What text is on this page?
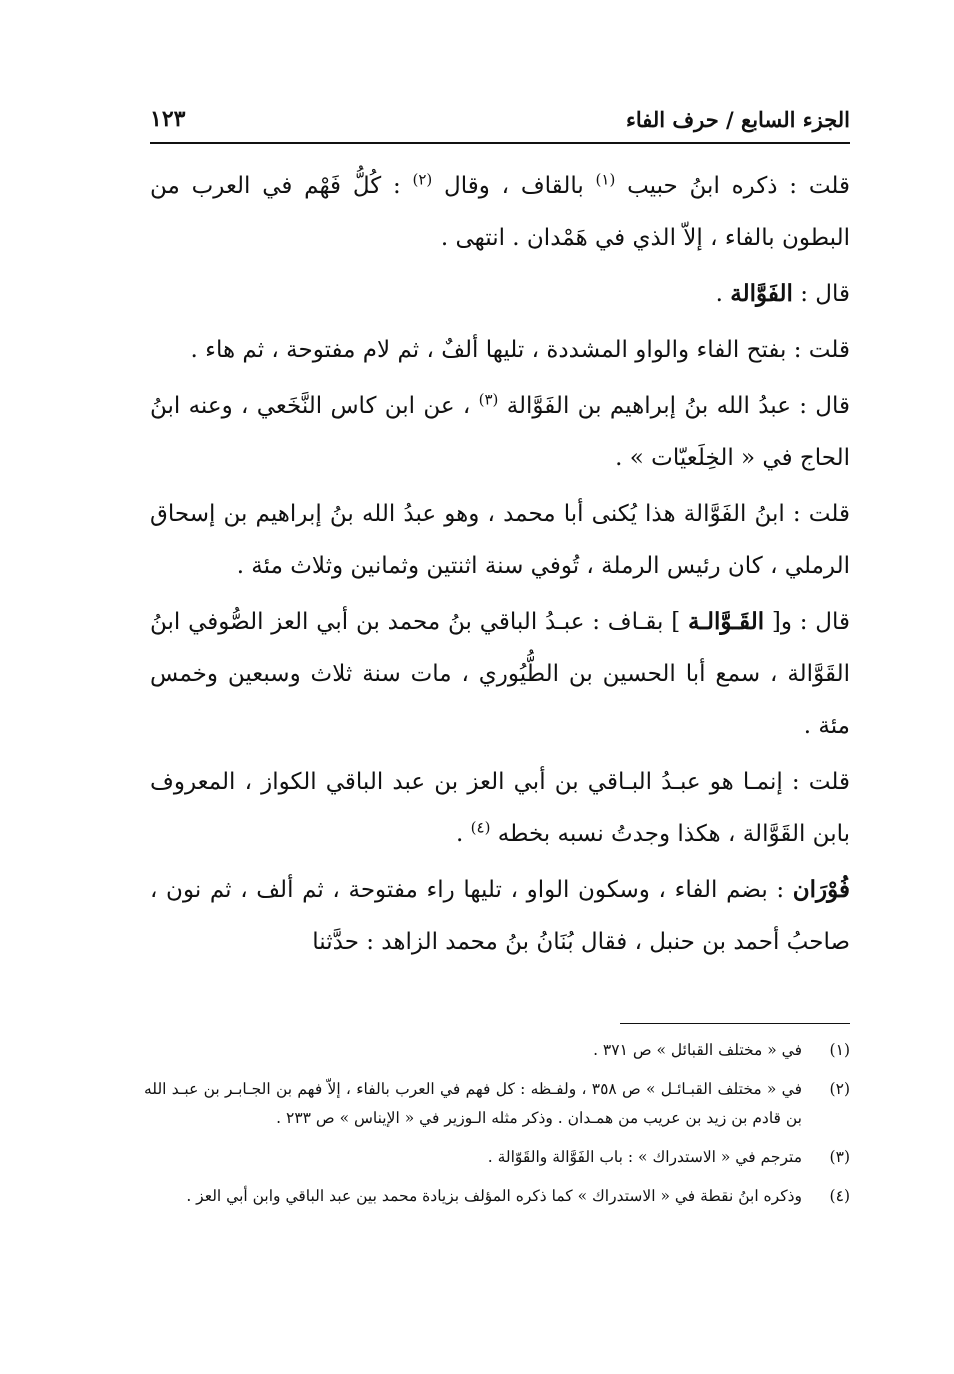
الجزء السابع / حرف الفاء
١٢٣

قلت : ذكره ابنُ حبيب $^{(١)}$ بالقاف ، وقال $^{(٢)}$ : كُلُّ فَهْم في العرب من البطون بالفاء ، إلاّ الذي في هَمْدان . انتهى .

قال : الفَوَّالة .

قلت : بفتح الفاء والواو المشددة ، تليها ألفٌ ، ثم لام مفتوحة ، ثم هاء .

قال : عبدُ الله بنُ إبراهيم بن الفَوَّالة $^{(٣)}$ ، عن ابن كاس النَّخَعي ، وعنه ابنُ الحاج في « الخِلَعيّات » .

قلت : ابنُ الفَوَّالة هذا يُكنى أبا محمد ، وهو عبدُ الله بنُ إبراهيم بن إسحاق الرملي ، كان رئيس الرملة ، تُوفي سنة اثنتين وثمانين وثلاث مئة .

قال : و[ القَـوَّالـة ] بقـاف : عبـدُ الباقي بنُ محمد بن أبي العز الصُّوفي ابنُ القَوَّالة ، سمع أبا الحسين بن الطُّيُوري ، مات سنة ثلاث وسبعين وخمس مئة .

قلت : إنمـا هو عبـدُ البـاقي بن أبي العز بن عبد الباقي الكواز ، المعروف بابن القَوَّالة ، هكذا وجدتُ نسبه بخطه $^{(٤)}$ .

فُوْرَان : بضم الفاء ، وسكون الواو ، تليها راء مفتوحة ، ثم ألف ، ثم نون ، صاحبُ أحمد بن حنبل ، فقال بُنَانُ بنُ محمد الزاهد : حدَّثنا

(١)
في « مختلف القبائل » ص ٣٧١ .
(٢)
في « مختلف القبـائـل » ص ٣٥٨ ، ولفـظه : كل فهم في العرب بالفاء ، إلاّ فهم بن الجـابـر بن عبـد الله بن قادم بن زيد بن عريب من همـدان . وذكر مثله الـوزير في « الإيناس » ص ٢٣٣ .
(٣)
مترجم في « الاستدراك » : باب الفَوَّالة والقَوّالة .
(٤)
وذكره ابنُ نقطة في « الاستدراك » كما ذكره المؤلف بزيادة محمد بين عبد الباقي وابن أبي العز .
